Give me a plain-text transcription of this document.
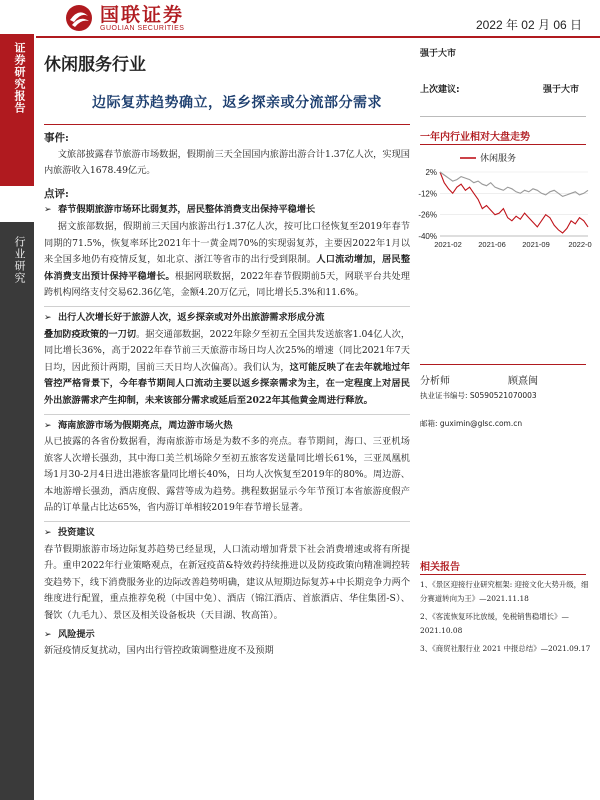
证券研究报告
行业研究
国联证券
GUOLIAN SECURITIES	2022 年 02 月 06 日
休闲服务行业
强于大市
上次建议:	强于大市
边际复苏趋势确立，返乡探亲或分流部分需求
事件:
文旅部披露春节旅游市场数据，假期前三天全国国内旅游出游合计1.37亿人次，实现国内旅游收入1678.49亿元。
点评:
➢ 春节假期旅游市场环比弱复苏，居民整体消费支出保持平稳增长
据文旅部数据，假期前三天国内旅游出行1.37亿人次，按可比口径恢复至2019年春节同期的71.5%，恢复率环比2021年十一黄金周70%的实现弱复苏，主要因2022年1月以来全国多地仍有疫情反复，如北京、浙江等省市的出行受到限制。人口流动增加，居民整体消费支出预计保持平稳增长。根据网联数据，2022年春节假期前5天，网联平台共处理跨机构网络支付交易62.36亿笔，金额4.20万亿元，同比增长5.3%和11.6%。
➢ 出行人次增长好于旅游人次，返乡探亲或对外出旅游需求形成分流
叠加防疫政策的一刀切。据交通部数据，2022年除夕至初五全国共发送旅客1.04亿人次，同比增长36%，高于2022年春节前三天旅游市场日均人次25%的增速（同比2021年7天日均，因此预计两期，国前三天日均人次偏高）。我们认为，这可能反映了在去年就地过年管控严格背景下，今年春节期间人口流动主要以返乡探亲需求为主，在一定程度上对居民外出旅游需求产生抑制，未来该部分需求或延后至2022年其他黄金周进行释放。
➢ 海南旅游市场为假期亮点，周边游市场火热
从已披露的各省份数据看，海南旅游市场是为数不多的亮点。春节期间，海口、三亚机场旅客人次增长强劲，其中海口美兰机场除夕至初五旅客发送量同比增长61%，三亚凤凰机场1月30-2月4日进出港旅客量同比增长40%，日均人次恢复至2019年的80%。周边游、本地游增长强劲，酒店度假、露营等成为趋势。携程数据显示今年节预订本省旅游度假产品的订单量占比达65%，省内游订单相较2019年春节增长显著。
➢ 投资建议
春节假期旅游市场边际复苏趋势已经显现，人口流动增加背景下社会消费增速或将有所提升。重申2022年行业策略观点，在新冠疫苗&特效药持续推进以及防疫政策向精准调控转变趋势下，线下消费服务业的边际改善趋势明确，建议从短期边际复苏+中长期竞争力两个维度进行配置，重点推荐免税（中国中免）、酒店（锦江酒店、首旅酒店、华住集团-S）、餐饮（九毛九）、景区及相关设备板块（天目湖、牧高笛）。
➢ 风险提示
新冠疫情反复扰动，国内出行管控政策调整进度不及预期
一年内行业相对大盘走势
休闲服务
2%
-12%
-26%
-40%
2021-02 2021-06 2021-09 2022-0
分析师	顾熹闽
执业证书编号: S0590521070003
邮箱: guximin@glsc.com.cn
相关报告
1、《景区迎接行业研究框架: 迎接文化大势升级，细分赛道转向为王》—2021.11.18
2、《客流恢复环比放缓，免税销售稳增长》—2021.10.08
3、《商贸社服行业 2021 中报总结》—2021.09.17
